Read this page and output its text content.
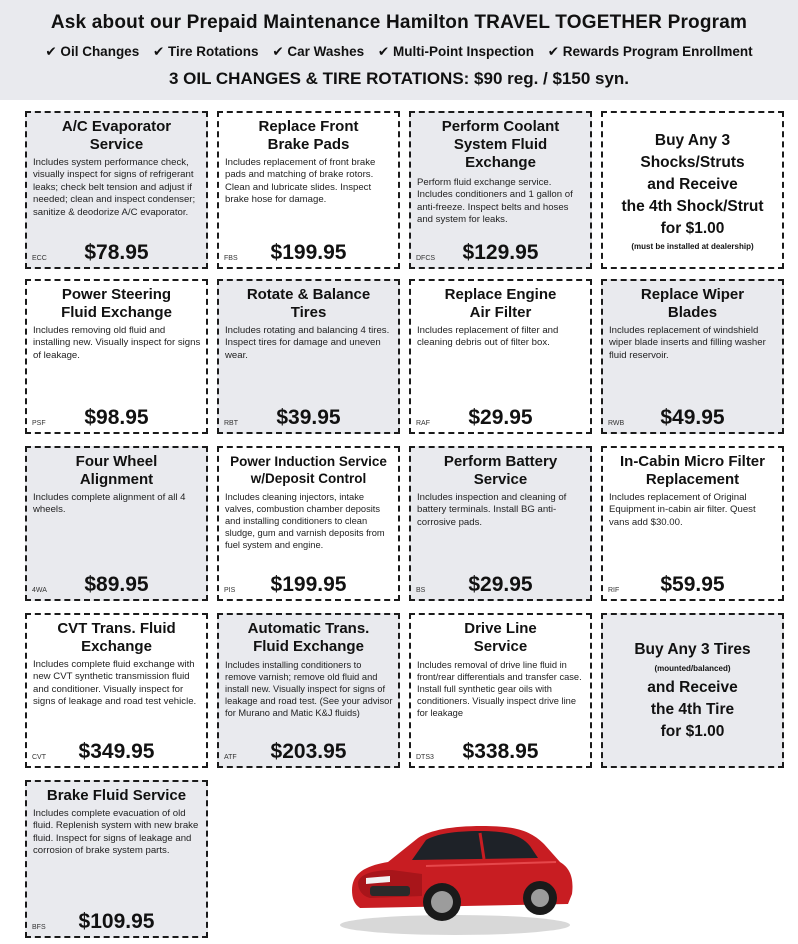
Ask about our Prepaid Maintenance Hamilton TRAVEL TOGETHER Program
✔ Oil Changes ✔ Tire Rotations ✔ Car Washes ✔ Multi-Point Inspection ✔ Rewards Program Enrollment
3 OIL CHANGES & TIRE ROTATIONS: $90 reg. / $150 syn.
A/C Evaporator Service
Includes system performance check, visually inspect for signs of refrigerant leaks; check belt tension and adjust if needed; clean and inspect condenser; sanitize & deodorize A/C evaporator.
ECC	$78.95
Replace Front Brake Pads
Includes replacement of front brake pads and matching of brake rotors. Clean and lubricate slides. Inspect brake hose for damage.
FBS	$199.95
Perform Coolant System Fluid Exchange
Perform fluid exchange service. Includes conditioners and 1 gallon of anti-freeze. Inspect belts and hoses and system for leaks.
DFCS	$129.95
Buy Any 3
Shocks/Struts
and Receive
the 4th Shock/Strut
for $1.00
(must be installed at dealership)
Power Steering Fluid Exchange
Includes removing old fluid and installing new. Visually inspect for signs of leakage.
PSF	$98.95
Rotate & Balance Tires
Includes rotating and balancing 4 tires. Inspect tires for damage and uneven wear.
RBT	$39.95
Replace Engine Air Filter
Includes replacement of filter and cleaning debris out of filter box.
RAF	$29.95
Replace Wiper Blades
Includes replacement of windshield wiper blade inserts and filling washer fluid reservoir.
RWB	$49.95
Four Wheel Alignment
Includes complete alignment of all 4 wheels.
4WA	$89.95
Power Induction Service w/Deposit Control
Includes cleaning injectors, intake valves, combustion chamber deposits and installing conditioners to clean sludge, gum and varnish deposits from fuel system and engine.
PIS	$199.95
Perform Battery Service
Includes inspection and cleaning of battery terminals. Install BG anti-corrosive pads.
BS	$29.95
In-Cabin Micro Filter Replacement
Includes replacement of Original Equipment in-cabin air filter. Quest vans add $30.00.
RIF	$59.95
CVT Trans. Fluid Exchange
Includes complete fluid exchange with new CVT synthetic transmission fluid and conditioner. Visually inspect for signs of leakage and road test vehicle.
CVT	$349.95
Automatic Trans. Fluid Exchange
Includes installing conditioners to remove varnish; remove old fluid and install new. Visually inspect for signs of leakage and road test. (See your advisor for Murano and Matic K&J fluids)
ATF	$203.95
Drive Line Service
Includes removal of drive line fluid in front/rear differentials and transfer case. Install full synthetic gear oils with conditioners. Visually inspect drive line for leakage
DTS3	$338.95
Buy Any 3 Tires
(mounted/balanced)
and Receive
the 4th Tire
for $1.00
Brake Fluid Service
Includes complete evacuation of old fluid. Replenish system with new brake fluid. Inspect for signs of leakage and corrosion of brake system parts.
BFS	$109.95
